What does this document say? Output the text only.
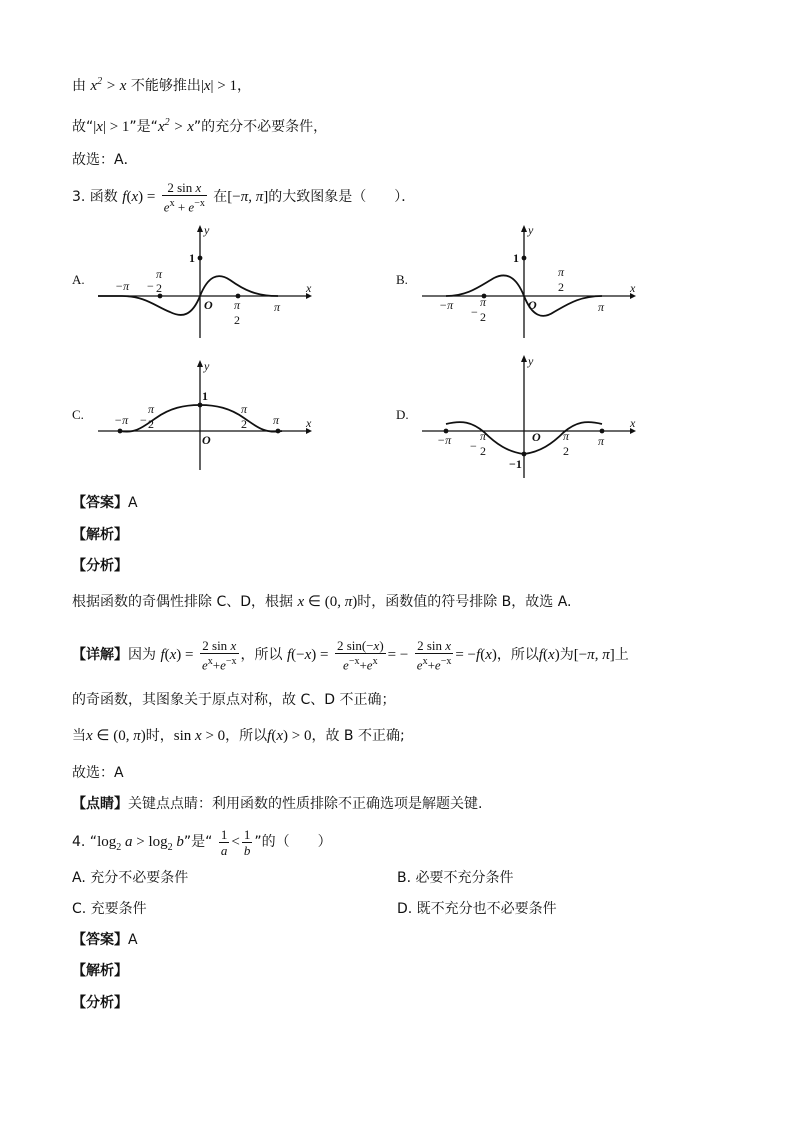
由 $x^2 > x$ 不能够推出|x| > 1，
故“|x| > 1”是“$x^2 > x$”的充分不必要条件，
故选：A．
3. 函数 $f(x) = \frac{\text{2 sin x}}{e^x + e^{-x}}$ 在[−π, π]的大致图象是（　　）．
A.
y
x
1
O
−π −
π
2
π
2
π
B.
y
x
1
O
−π −
π
2
π
2
π
C.
y
x
1
O
−π −
π
2
π
2 π	D.
y
x
O
−1
−π −
π
2
π
2
π
【答案】A
【解析】
【分析】
根据函数的奇偶性排除 C、D，根据 x ∈ (0, π)时，函数值的符号排除 B，故选 A.
【详解】因为 $f(x) = \frac{\text{2 sin x}}{e^x+e^{-x}}$ ，所以 $f(-x) = \frac{2 \sin(-x)}{e^{-x}+e^x}$ = − $\frac{\text{2 sin x}}{e^x+e^{-x}} = -f(x)$，所以f(x)为[−π, π]上
的奇函数，其图象关于原点对称，故 C、D 不正确；
当x ∈ (0, π)时，sin x > 0，所以f(x) > 0，故 B 不正确;
故选：A
【点睛】关键点点睛：利用函数的性质排除不正确选项是解题关键.
4. “$\log_2$ $a > \log_2 b$”是“ $\frac{1}{a} < \frac{1}{b}$ ”的（　　）
A. 充分不必要条件	B. 必要不充分条件
C. 充要条件	D. 既不充分也不必要条件
【答案】A
【解析】
【分析】
